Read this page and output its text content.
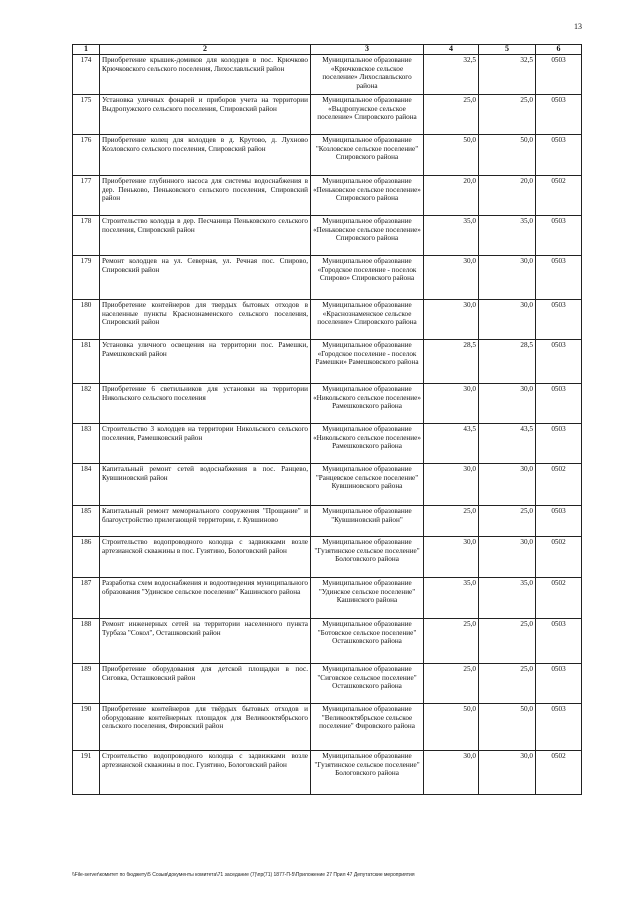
13
1	2	3	4	5	6
174	Приобретение крышек-домиков для колодцев в пос. Крючково Крючковского сельского поселения, Лихославльский район	Муниципальное образование «Крючковское сельское поселение» Лихославльского района	32,5	32,5	0503
175	Установка уличных фонарей и приборов учета на территории Выдропужского сельского поселения, Спировский район	Муниципальное образование «Выдропужское сельское поселение» Спировского района	25,0	25,0	0503
176	Приобретение колец для колодцев в д. Крутово, д. Лухново Козловского сельского поселения, Спировский район	Муниципальное образование "Козловское сельское поселение" Спировского района	50,0	50,0	0503
177	Приобретение глубинного насоса для системы водоснабжения в дер. Пеньково, Пеньковского сельского поселения, Спировский район	Муниципальное образование «Пеньковское сельское поселение» Спировского района	20,0	20,0	0502
178	Строительство колодца в дер. Песчаница Пеньковского сельского поселения, Спировский район	Муниципальное образование «Пеньковское сельское поселение» Спировского района	35,0	35,0	0503
179	Ремонт колодцев на ул. Северная, ул. Речная пос. Спирово, Спировский район	Муниципальное образование «Городское поселение - поселок Спирово» Спировского района	30,0	30,0	0503
180	Приобретение контейнеров для твердых бытовых отходов в населенные пункты Краснознаменского сельского поселения, Спировский район	Муниципальное образование «Краснознаменское сельское поселение» Спировского района	30,0	30,0	0503
181	Установка уличного освещения на территории пос. Рамешки, Рамешковский район	Муниципальное образование «Городское поселение - поселок Рамешки» Рамешковского района	28,5	28,5	0503
182	Приобретение 6 светильников для установки на территории Никольского сельского поселения	Муниципальное образование «Никольского сельское поселение» Рамешковского района	30,0	30,0	0503
183	Строительство 3 колодцев на территории Никольского сельского поселения, Рамешковский район	Муниципальное образование «Никольского сельское поселение» Рамешковского района	43,5	43,5	0503
184	Капитальный ремонт сетей водоснабжения в пос. Ранцево, Кувшиновский район	Муниципальное образование "Ранцевское сельское поселение" Кувшиновского района	30,0	30,0	0502
185	Капитальный ремонт мемориального сооружения "Прощание" и благоустройство прилегающей территории, г. Кувшиново	Муниципальное образование "Кувшиновский район"	25,0	25,0	0503
186	Строительство водопроводного колодца с задвижками возле артезианской скважины в пос. Гузятино, Бологовский район	Муниципальное образование "Гузятинское сельское поселение" Бологовского района	30,0	30,0	0502
187	Разработка схем водоснабжения и водоотведения муниципального образования "Удинское сельское поселение" Кашинского района	Муниципальное образование "Удинское сельское поселение" Кашинского района	35,0	35,0	0502
188	Ремонт инженерных сетей на территории населенного пункта Турбаза "Сокол", Осташковский район	Муниципальное образование "Ботовское сельское поселение" Осташковского района	25,0	25,0	0503
189	Приобретение оборудования для детской площадки в пос. Сиговка, Осташковский район	Муниципальное образование "Сиговское сельское поселение" Осташковского района	25,0	25,0	0503
190	Приобретение контейнеров для твёрдых бытовых отходов и оборудование контейнерных площадок для Великооктябрьского сельского поселения, Фировский район	Муниципальное образование "Великооктябрьское сельское поселение" Фировского района	50,0	50,0	0503
191	Строительство водопроводного колодца с задвижками возле артезианской скважины в пос. Гузятино, Бологовский район	Муниципальное образование "Гузятинское сельское поселение" Бологовского района	30,0	30,0	0502
\\File-server\комитет по бюджету\5 Созыв\документы комитета\71 заседание (7)\пр(71) 1877-П-5\Приложение 27 Прил 47 Депутатские мероприятия
